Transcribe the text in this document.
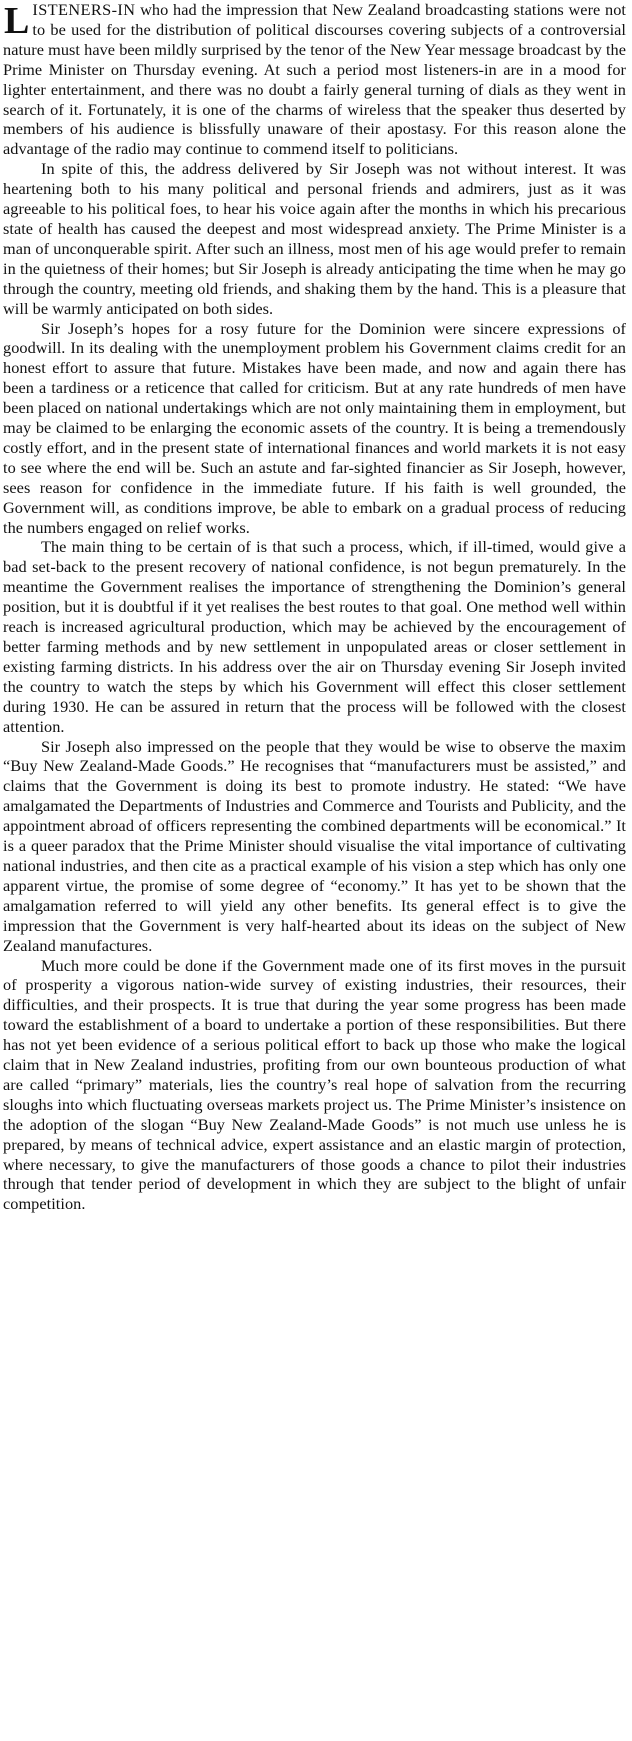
LISTENERS-IN who had the impression that New Zealand broadcasting stations were not to be used for the distribution of political discourses covering subjects of a controversial nature must have been mildly surprised by the tenor of the New Year message broadcast by the Prime Minister on Thursday evening. At such a period most listeners-in are in a mood for lighter entertainment, and there was no doubt a fairly general turning of dials as they went in search of it. Fortunately, it is one of the charms of wireless that the speaker thus deserted by members of his audience is blissfully unaware of their apostasy. For this reason alone the advantage of the radio may continue to commend itself to politicians.

In spite of this, the address delivered by Sir Joseph was not without interest. It was heartening both to his many political and personal friends and admirers, just as it was agreeable to his political foes, to hear his voice again after the months in which his precarious state of health has caused the deepest and most widespread anxiety. The Prime Minister is a man of unconquerable spirit. After such an illness, most men of his age would prefer to remain in the quietness of their homes; but Sir Joseph is already anticipating the time when he may go through the country, meeting old friends, and shaking them by the hand. This is a pleasure that will be warmly anticipated on both sides.

Sir Joseph’s hopes for a rosy future for the Dominion were sincere expressions of goodwill. In its dealing with the unemployment problem his Government claims credit for an honest effort to assure that future. Mistakes have been made, and now and again there has been a tardiness or a reticence that called for criticism. But at any rate hundreds of men have been placed on national undertakings which are not only maintaining them in employment, but may be claimed to be enlarging the economic assets of the country. It is being a tremendously costly effort, and in the present state of international finances and world markets it is not easy to see where the end will be. Such an astute and far-sighted financier as Sir Joseph, however, sees reason for confidence in the immediate future. If his faith is well grounded, the Government will, as conditions improve, be able to embark on a gradual process of reducing the numbers engaged on relief works.

The main thing to be certain of is that such a process, which, if ill-timed, would give a bad set-back to the present recovery of national confidence, is not begun prematurely. In the meantime the Government realises the importance of strengthening the Dominion’s general position, but it is doubtful if it yet realises the best routes to that goal. One method well within reach is increased agricultural production, which may be achieved by the encouragement of better farming methods and by new settlement in unpopulated areas or closer settlement in existing farming districts. In his address over the air on Thursday evening Sir Joseph invited the country to watch the steps by which his Government will effect this closer settlement during 1930. He can be assured in return that the process will be followed with the closest attention.

Sir Joseph also impressed on the people that they would be wise to observe the maxim “Buy New Zealand-Made Goods.” He recognises that “manufacturers must be assisted,” and claims that the Government is doing its best to promote industry. He stated: “We have amalgamated the Departments of Industries and Commerce and Tourists and Publicity, and the appointment abroad of officers representing the combined departments will be economical.” It is a queer paradox that the Prime Minister should visualise the vital importance of cultivating national industries, and then cite as a practical example of his vision a step which has only one apparent virtue, the promise of some degree of “economy.” It has yet to be shown that the amalgamation referred to will yield any other benefits. Its general effect is to give the impression that the Government is very half-hearted about its ideas on the subject of New Zealand manufactures.

Much more could be done if the Government made one of its first moves in the pursuit of prosperity a vigorous nation-wide survey of existing industries, their resources, their difficulties, and their prospects. It is true that during the year some progress has been made toward the establishment of a board to undertake a portion of these responsibilities. But there has not yet been evidence of a serious political effort to back up those who make the logical claim that in New Zealand industries, profiting from our own bounteous production of what are called “primary” materials, lies the country’s real hope of salvation from the recurring sloughs into which fluctuating overseas markets project us. The Prime Minister’s insistence on the adoption of the slogan “Buy New Zealand-Made Goods” is not much use unless he is prepared, by means of technical advice, expert assistance and an elastic margin of protection, where necessary, to give the manufacturers of those goods a chance to pilot their industries through that tender period of development in which they are subject to the blight of unfair competition.
